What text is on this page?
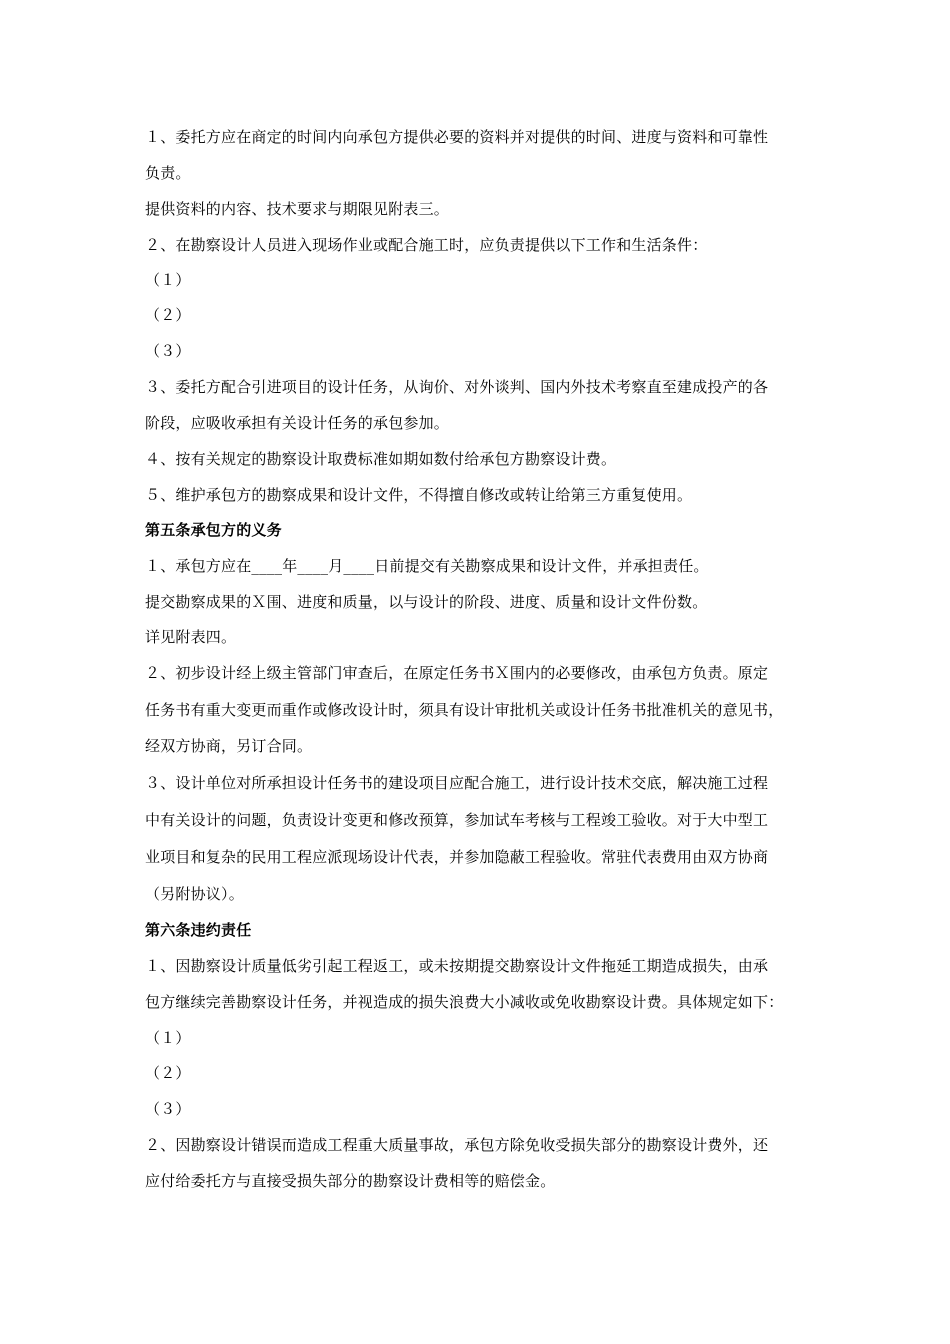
１、委托方应在商定的时间内向承包方提供必要的资料并对提供的时间、进度与资料和可靠性
负责。
提供资料的内容、技术要求与期限见附表三。
２、在勘察设计人员进入现场作业或配合施工时，应负责提供以下工作和生活条件：
（１）
（２）
（３）
３、委托方配合引进项目的设计任务，从询价、对外谈判、国内外技术考察直至建成投产的各
阶段，应吸收承担有关设计任务的承包参加。
４、按有关规定的勘察设计取费标准如期如数付给承包方勘察设计费。
５、维护承包方的勘察成果和设计文件，不得擅自修改或转让给第三方重复使用。
第五条承包方的义务
１、承包方应在____年____月____日前提交有关勘察成果和设计文件，并承担责任。
提交勘察成果的Ｘ围、进度和质量，以与设计的阶段、进度、质量和设计文件份数。
详见附表四。
２、初步设计经上级主管部门审查后，在原定任务书Ｘ围内的必要修改，由承包方负责。原定
任务书有重大变更而重作或修改设计时，须具有设计审批机关或设计任务书批准机关的意见书，
经双方协商，另订合同。
３、设计单位对所承担设计任务书的建设项目应配合施工，进行设计技术交底，解决施工过程
中有关设计的问题，负责设计变更和修改预算，参加试车考核与工程竣工验收。对于大中型工
业项目和复杂的民用工程应派现场设计代表，并参加隐蔽工程验收。常驻代表费用由双方协商
（另附协议）。
第六条违约责任
１、因勘察设计质量低劣引起工程返工，或未按期提交勘察设计文件拖延工期造成损失，由承
包方继续完善勘察设计任务，并视造成的损失浪费大小减收或免收勘察设计费。具体规定如下：
（１）
（２）
（３）
２、因勘察设计错误而造成工程重大质量事故，承包方除免收受损失部分的勘察设计费外，还
应付给委托方与直接受损失部分的勘察设计费相等的赔偿金。
